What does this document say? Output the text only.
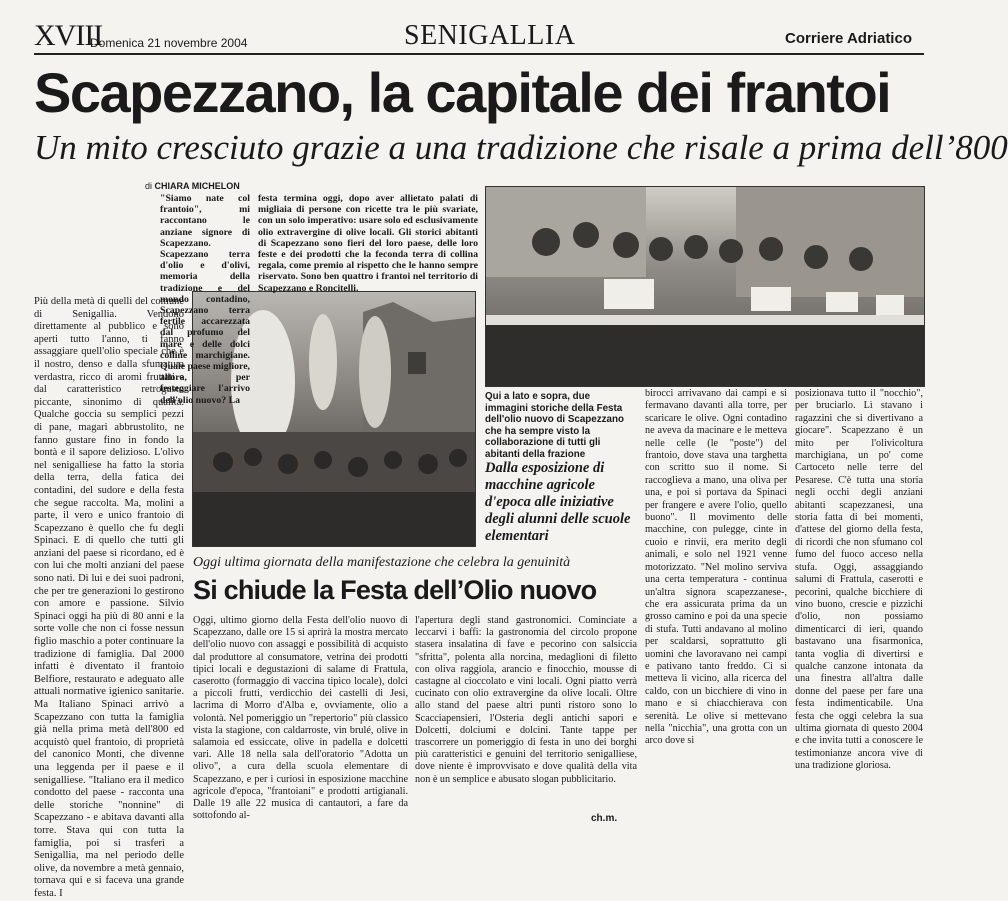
XVIII
Domenica 21 novembre 2004	SENIGALLIA	Corriere Adriatico
Scapezzano, la capitale dei frantoi
Un mito cresciuto grazie a una tradizione che risale a prima dell’800
di CHIARA MICHELON
Più della metà di quelli del comune di Senigallia. Vendono direttamente al pubblico e sono aperti tutto l'anno, ti fanno assaggiare quell'olio speciale che è il nostro, denso e dalla sfumatura verdastra, ricco di aromi fruttati e dal caratteristico retrogusto piccante, sinonimo di qualità. Qualche goccia su semplici pezzi di pane, magari abbrustolito, ne fanno gustare fino in fondo la bontà e il sapore delizioso. L'olivo nel senigalliese ha fatto la storia della terra, della fatica dei contadini, del sudore e della festa che segue raccolta. Ma, molini a parte, il vero e unico frantoio di Scapezzano è quello che fu degli Spinaci. E di quello che tutti gli anziani del paese si ricordano, ed è con lui che molti anziani del paese sono nati. Di lui e dei suoi padroni, che per tre generazioni lo gestirono con amore e passione. Silvio Spinaci oggi ha più di 80 anni e la sorte volle che non ci fosse nessun figlio maschio a poter continuare la tradizione di famiglia. Dal 2000 infatti è diventato il frantoio Belfiore, restaurato e adeguato alle attuali normative igienico sanitarie. Ma Italiano Spinaci arrivò a Scapezzano con tutta la famiglia già nella prima metà dell'800 ed acquistò quel frantoio, di proprietà del canonico Monti, che divenne una leggenda per il paese e il senigalliese. "Italiano era il medico condotto del paese - racconta una delle storiche "nonnine" di Scapezzano - e abitava davanti alla torre. Stava qui con tutta la famiglia, poi si trasferì a Senigallia, ma nel periodo delle olive, da novembre a metà gennaio, tornava qui e si faceva una grande festa. I
Qui a lato e sopra, due immagini storiche della Festa dell'olio nuovo di Scapezzano che ha sempre visto la collaborazione di tutti gli abitanti della frazione
Dalla esposizione di macchine agricole d'epoca alle iniziative degli alunni delle scuole elementari
birocci arrivavano dai campi e si fermavano davanti alla torre, per scaricare le olive. Ogni contadino ne aveva da macinare e le metteva nelle celle (le "poste") del frantoio, dove stava una targhetta con scritto suo il nome. Si raccoglieva a mano, una oliva per una, e poi si portava da Spinaci per frangere e avere l'olio, quello buono". Il movimento delle macchine, con pulegge, cinte in cuoio e rinvii, era merito degli animali, e solo nel 1921 venne motorizzato. "Nel molino serviva una certa temperatura - continua un'altra signora scapezzanese-, che era assicurata prima da un grosso camino e poi da una specie di stufa. Tutti andavano al molino per scaldarsi, soprattutto gli uomini che lavoravano nei campi e pativano tanto freddo. Ci si metteva lì vicino, alla ricerca del caldo, con un bicchiere di vino in mano e si chiacchierava con serenità. Le olive si mettevano nella "nicchia", una grotta con un arco dove si
posizionava tutto il "nocchio", per bruciarlo. Lì stavano i ragazzini che si divertivano a giocare". Scapezzano è un mito per l'olivicoltura marchigiana, un po' come Cartoceto nelle terre del Pesarese. C'è tutta una storia negli occhi degli anziani abitanti scapezzanesi, una storia fatta di bei momenti, d'attese del giorno della festa, di ricordi che non sfumano col fumo del fuoco acceso nella stufa. Oggi, assaggiando salumi di Frattula, caserotti e pecorini, qualche bicchiere di vino buono, crescie e pizzichi d'olio, non possiamo dimenticarci di ieri, quando bastavano una fisarmonica, tanta voglia di divertirsi e qualche canzone intonata da una finestra all'altra dalle donne del paese per fare una festa indimenticabile. Una festa che oggi celebra la sua ultima giornata di questo 2004 e che invita tutti a conoscere le testimonianze ancora vive di una tradizione gloriosa.
Oggi ultima giornata della manifestazione che celebra la genuinità
Si chiude la Festa dell’Olio nuovo
Oggi, ultimo giorno della Festa dell'olio nuovo di Scapezzano, dalle ore 15 si aprirà la mostra mercato dell'olio nuovo con assaggi e possibilità di acquisto dal produttore al consumatore, vetrina dei prodotti tipici locali e degustazioni di salame di Frattula, caserotto (formaggio di vaccina tipico locale), dolci a piccoli frutti, verdicchio dei castelli di Jesi, lacrima di Morro d'Alba e, ovviamente, olio a volontà. Nel pomeriggio un "repertorio" più classico vista la stagione, con caldarroste, vin brulé, olive in salamoia ed essiccate, olive in padella e dolcetti vari. Alle 18 nella sala dell'oratorio "Adotta un olivo", a cura della scuola elementare di Scapezzano, e per i curiosi in esposizione macchine agricole d'epoca, "frantoiani" e prodotti artigianali. Dalle 19 alle 22 musica di cantautori, a fare da sottofondo al-
l'apertura degli stand gastronomici. Cominciate a leccarvi i baffi: la gastronomia del circolo propone stasera insalatina di fave e pecorino con salsiccia "sfritta", polenta alla norcina, medaglioni di filetto con oliva raggiola, arancio e finocchio, mousse di castagne al cioccolato e vini locali. Ogni piatto verrà cucinato con olio extravergine da olive locali. Oltre allo stand del paese altri punti ristoro sono lo Scacciapensieri, l'Osteria degli antichi sapori e Dolcetti, dolciumi e dolcini. Tante tappe per trascorrere un pomeriggio di festa in uno dei borghi più caratteristici e genuini del territorio senigalliese, dove niente è improvvisato e dove qualità della vita non è un semplice e abusato slogan pubblicitario.
ch.m.
"Siamo nate col frantoio", mi raccontano le anziane signore di Scapezzano. Scapezzano terra d'olio e d'olivi, memoria della tradizione e del mondo contadino, Scapezzano terra fertile accarezzata dal profumo del mare e delle dolci colline marchigiane. Quale paese migliore, allora, per festeggiare l'arrivo dell'olio nuovo? La
festa termina oggi, dopo aver allietato palati di migliaia di persone con ricette tra le più svariate, con un solo imperativo: usare solo ed esclusivamente olio extravergine di olive locali. Gli storici abitanti di Scapezzano sono fieri del loro paese, delle loro feste e dei prodotti che la feconda terra di collina regala, come premio al rispetto che le hanno sempre riservato. Sono ben quattro i frantoi nel territorio di Scapezzano e Roncitelli.
